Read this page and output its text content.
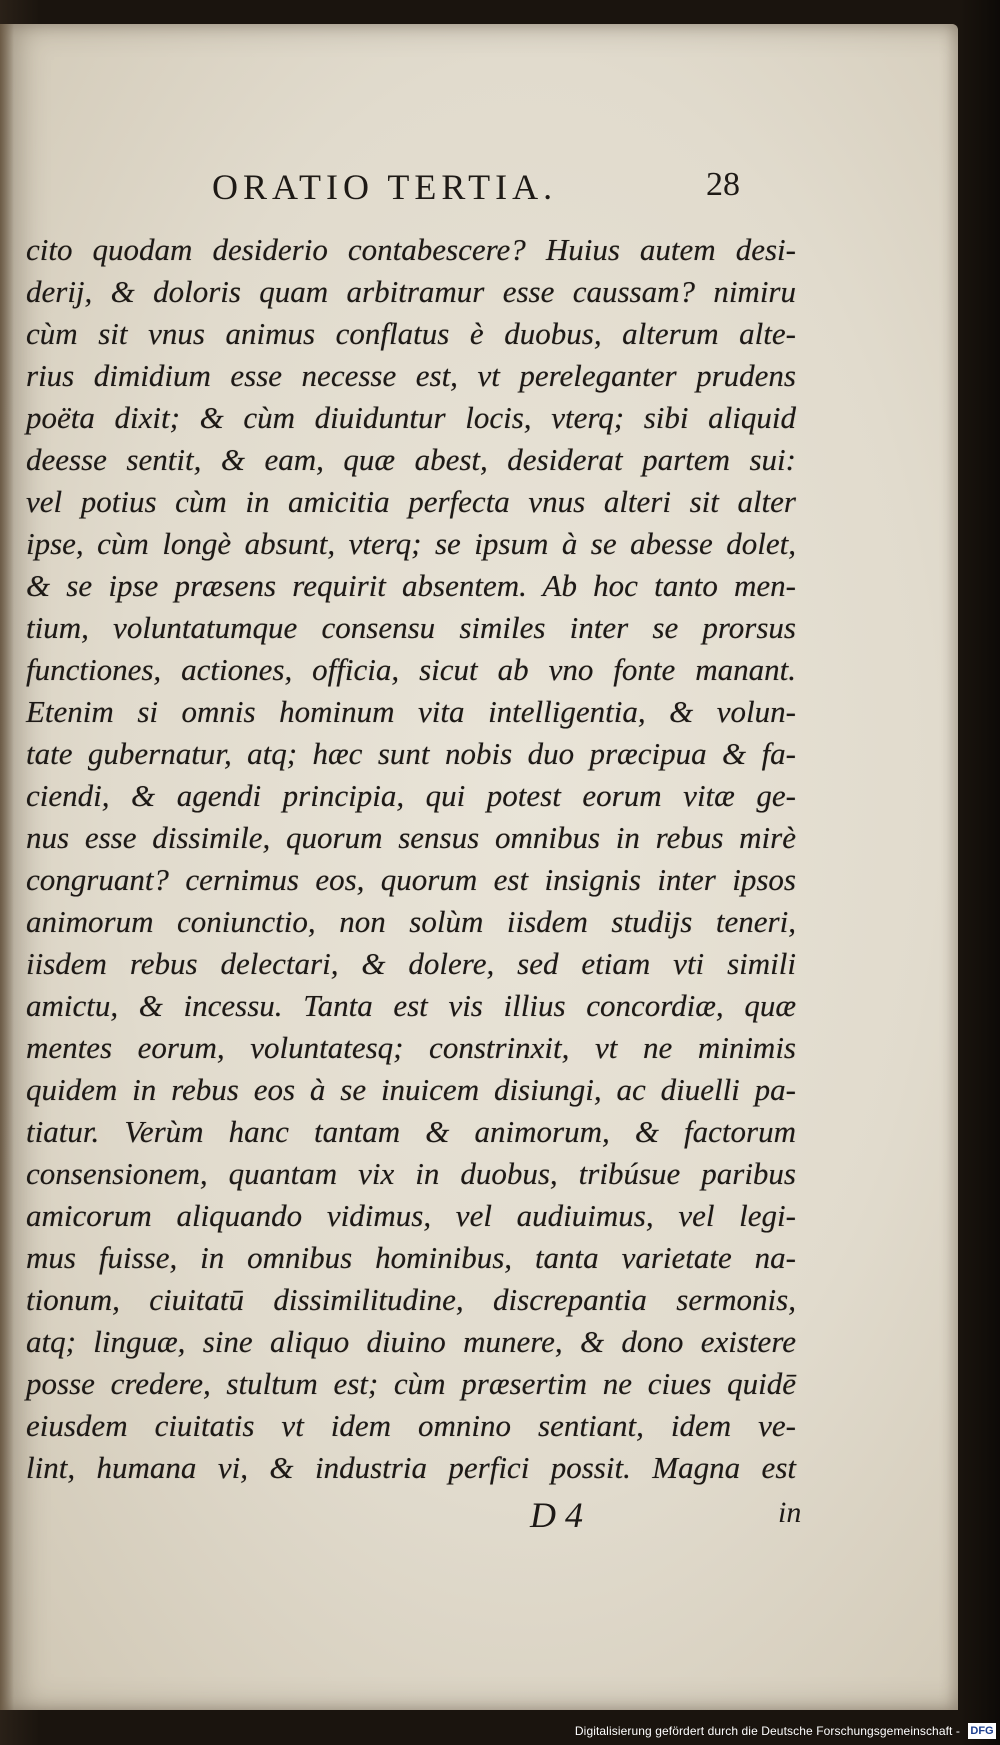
ORATIO TERTIA.	28
cito quodam desiderio contabescere? Huius autem desi-
derij, & doloris quam arbitramur esse caussam? nimiru
cùm sit vnus animus conflatus è duobus, alterum alte-
rius dimidium esse necesse est, vt pereleganter prudens
poëta dixit; & cùm diuiduntur locis, vterq; sibi aliquid
deesse sentit, & eam, quæ abest, desiderat partem sui:
vel potius cùm in amicitia perfecta vnus alteri sit alter
ipse, cùm longè absunt, vterq; se ipsum à se abesse dolet,
& se ipse præsens requirit absentem. Ab hoc tanto men-
tium, voluntatumque consensu similes inter se prorsus
functiones, actiones, officia, sicut ab vno fonte manant.
Etenim si omnis hominum vita intelligentia, & volun-
tate gubernatur, atq; hæc sunt nobis duo præcipua & fa-
ciendi, & agendi principia, qui potest eorum vitæ ge-
nus esse dissimile, quorum sensus omnibus in rebus mirè
congruant? cernimus eos, quorum est insignis inter ipsos
animorum coniunctio, non solùm iisdem studijs teneri,
iisdem rebus delectari, & dolere, sed etiam vti simili
amictu, & incessu. Tanta est vis illius concordiæ, quæ
mentes eorum, voluntatesq; constrinxit, vt ne minimis
quidem in rebus eos à se inuicem disiungi, ac diuelli pa-
tiatur. Verùm hanc tantam & animorum, & factorum
consensionem, quantam vix in duobus, tribúsue paribus
amicorum aliquando vidimus, vel audiuimus, vel legi-
mus fuisse, in omnibus hominibus, tanta varietate na-
tionum, ciuitatū dissimilitudine, discrepantia sermonis,
atq; linguæ, sine aliquo diuino munere, & dono existere
posse credere, stultum est; cùm præsertim ne ciues quidē
eiusdem ciuitatis vt idem omnino sentiant, idem ve-
lint, humana vi, & industria perfici possit. Magna est
D 4	in
Digitalisierung gefördert durch die Deutsche Forschungsgemeinschaft - DFG
